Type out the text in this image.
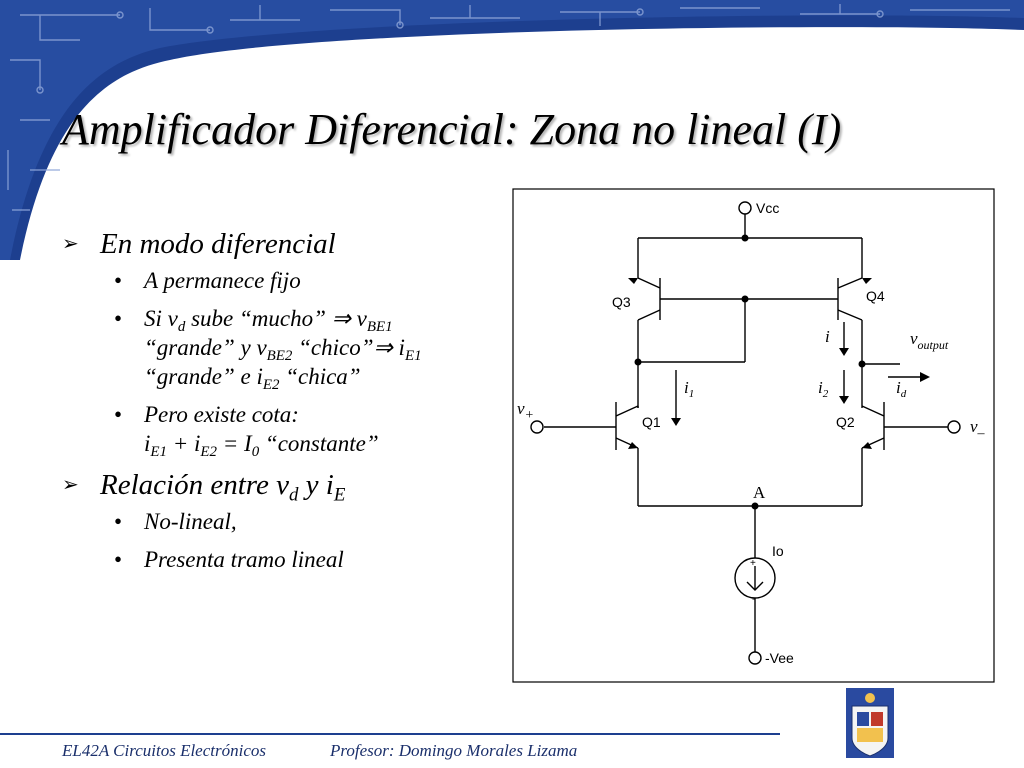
Amplificador Diferencial: Zona no lineal (I)
➢ En modo diferencial
• A permanece fijo
• Si $v_d$ sube “mucho” ⇒ $v_{BE1}$
“grande” y $v_{BE2}$ “chico”⇒ $i_{E1}$
“grande” e $i_{E2}$ “chica”
• Pero existe cota:
$i_{E1} + i_{E2} = I_0$ “constante”
➢ Relación entre $v_d$ y $i_E$
• No-lineal,
• Presenta tramo lineal
Vcc
-Vee
Io
Q3	Q4
Q1	Q2
+
-
A
i
$i_1$	$i_2$	$i_d$
$v_+$
$v_-$
$v_{output}$
EL42A Circuitos Electrónicos	Profesor: Domingo Morales Lizama
